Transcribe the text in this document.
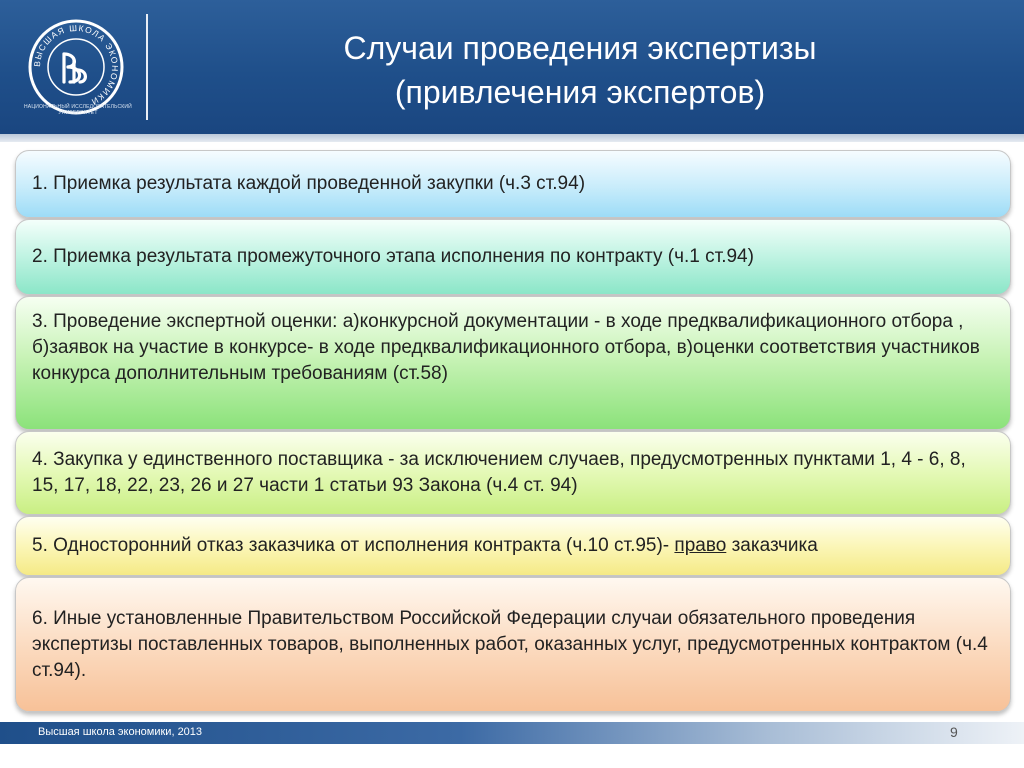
ВЫСШАЯ ШКОЛА ЭКОНОМИКИ
НАЦИОНАЛЬНЫЙ ИССЛЕДОВАТЕЛЬСКИЙ УНИВЕРСИТЕТ
Случаи проведения экспертизы
(привлечения экспертов)
1. Приемка результата каждой проведенной закупки (ч.3 ст.94)
2. Приемка результата промежуточного этапа исполнения по контракту (ч.1 ст.94)
3. Проведение экспертной оценки: а)конкурсной документации - в ходе предквалификационного отбора , б)заявок на участие в конкурсе- в ходе предквалификационного отбора, в)оценки соответствия участников конкурса дополнительным требованиям (ст.58)
4. Закупка у единственного поставщика - за исключением случаев, предусмотренных пунктами 1, 4 - 6, 8, 15, 17, 18, 22, 23, 26 и 27 части 1 статьи 93 Закона (ч.4 ст. 94)
5. Односторонний отказ заказчика от исполнения контракта (ч.10 ст.95)- право заказчика
6. Иные установленные Правительством Российской Федерации случаи обязательного проведения экспертизы поставленных товаров, выполненных работ, оказанных услуг, предусмотренных контрактом (ч.4 ст.94).
Высшая школа экономики, 2013	9
